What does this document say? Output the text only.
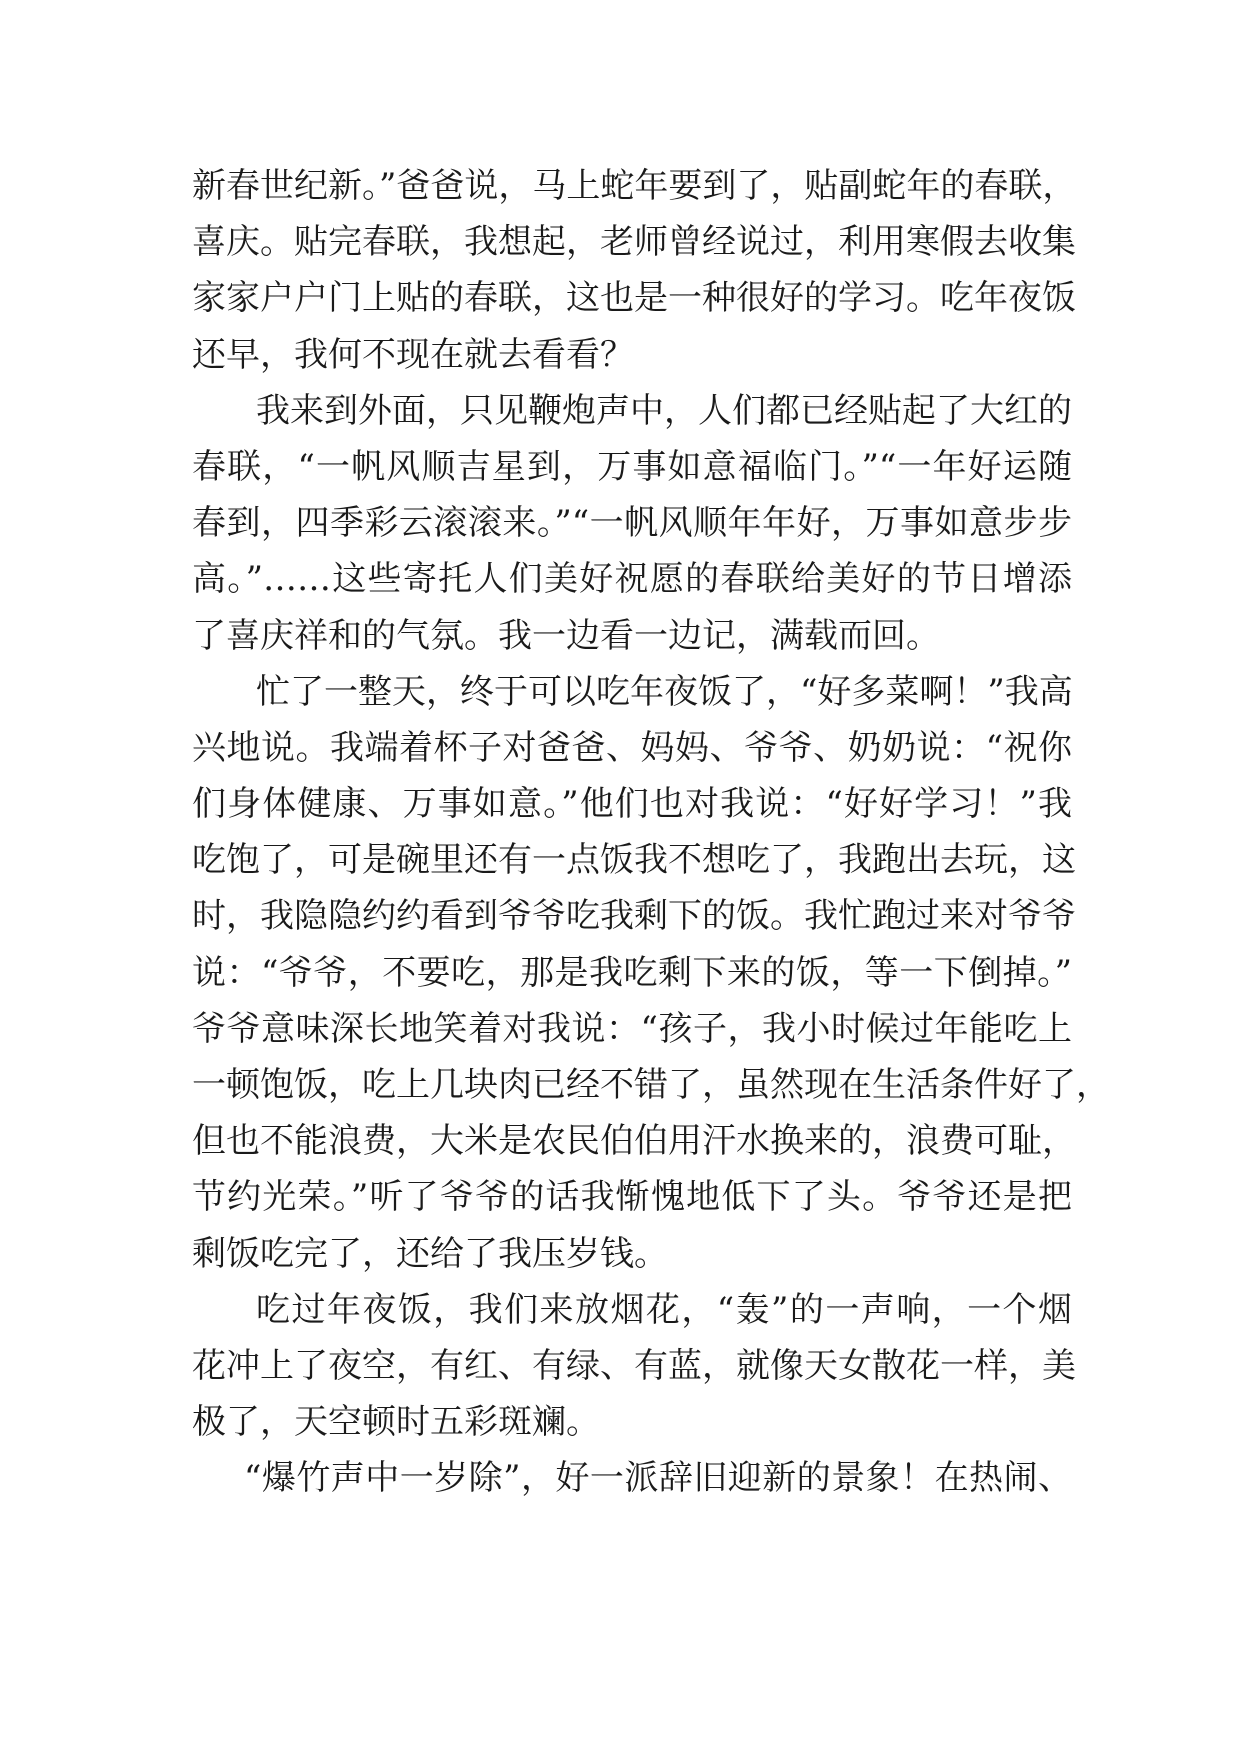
新春世纪新。”爸爸说，马上蛇年要到了，贴副蛇年的春联，
喜庆。贴完春联，我想起，老师曾经说过，利用寒假去收集
家家户户门上贴的春联，这也是一种很好的学习。吃年夜饭
还早，我何不现在就去看看？
我来到外面，只见鞭炮声中，人们都已经贴起了大红的
春联，“一帆风顺吉星到，万事如意福临门。”“一年好运随
春到，四季彩云滚滚来。”“一帆风顺年年好，万事如意步步
高。”……这些寄托人们美好祝愿的春联给美好的节日增添
了喜庆祥和的气氛。我一边看一边记，满载而回。
忙了一整天，终于可以吃年夜饭了，“好多菜啊！”我高
兴地说。我端着杯子对爸爸、妈妈、爷爷、奶奶说：“祝你
们身体健康、万事如意。”他们也对我说：“好好学习！”我
吃饱了，可是碗里还有一点饭我不想吃了，我跑出去玩，这
时，我隐隐约约看到爷爷吃我剩下的饭。我忙跑过来对爷爷
说：“爷爷，不要吃，那是我吃剩下来的饭，等一下倒掉。”
爷爷意味深长地笑着对我说：“孩子，我小时候过年能吃上
一顿饱饭，吃上几块肉已经不错了，虽然现在生活条件好了，
但也不能浪费，大米是农民伯伯用汗水换来的，浪费可耻，
节约光荣。”听了爷爷的话我惭愧地低下了头。爷爷还是把
剩饭吃完了，还给了我压岁钱。
吃过年夜饭，我们来放烟花，“轰”的一声响，一个烟
花冲上了夜空，有红、有绿、有蓝，就像天女散花一样，美
极了，天空顿时五彩斑斓。
“爆竹声中一岁除”，好一派辞旧迎新的景象！在热闹、
